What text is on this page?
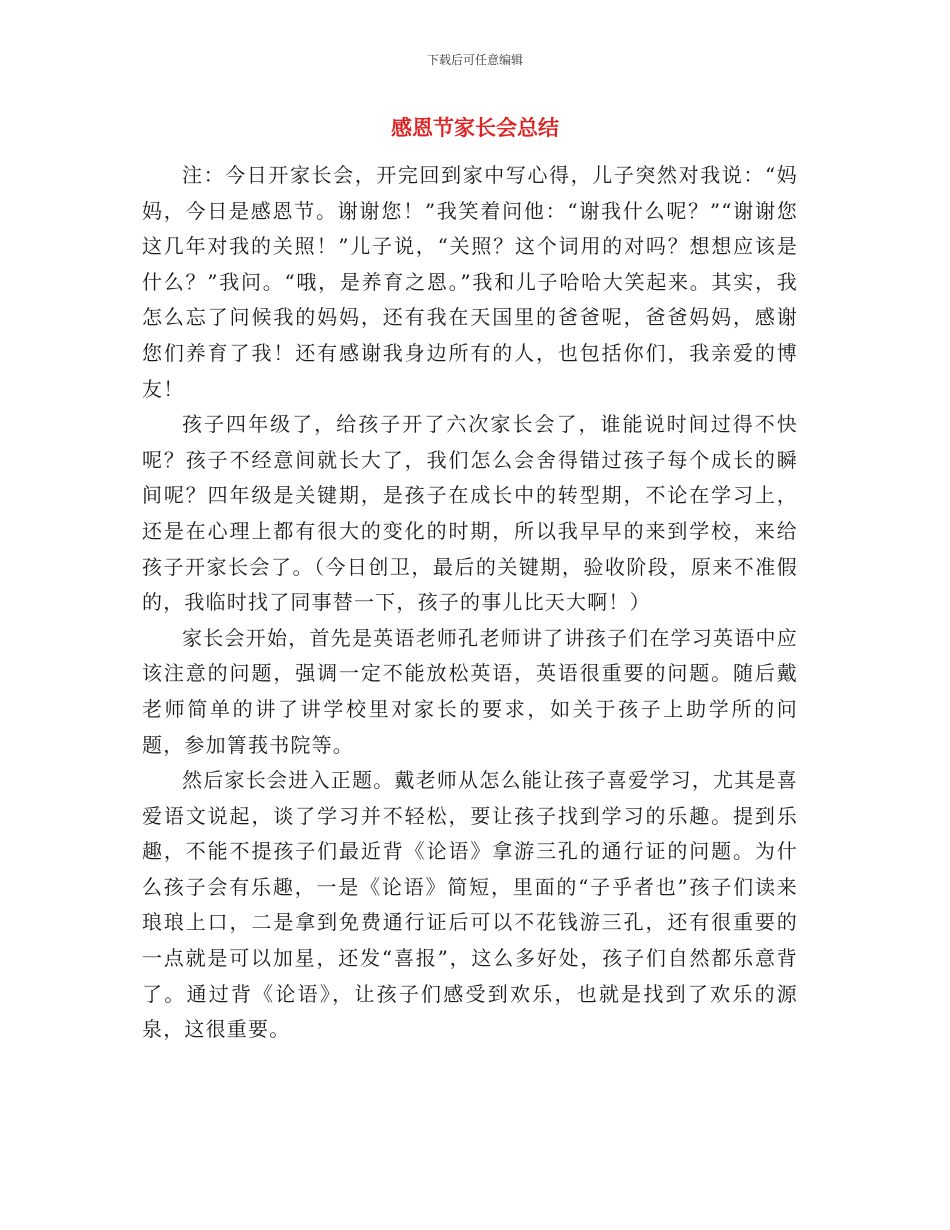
下载后可任意编辑
感恩节家长会总结

注：今日开家长会，开完回到家中写心得，儿子突然对我说：“妈妈，今日是感恩节。谢谢您！”我笑着问他：“谢我什么呢？”“谢谢您这几年对我的关照！”儿子说，“关照？这个词用的对吗？想想应该是什么？”我问。“哦，是养育之恩。”我和儿子哈哈大笑起来。其实，我怎么忘了问候我的妈妈，还有我在天国里的爸爸呢，爸爸妈妈，感谢您们养育了我！还有感谢我身边所有的人，也包括你们，我亲爱的博友！

孩子四年级了，给孩子开了六次家长会了，谁能说时间过得不快呢？孩子不经意间就长大了，我们怎么会舍得错过孩子每个成长的瞬间呢？四年级是关键期，是孩子在成长中的转型期，不论在学习上，还是在心理上都有很大的变化的时期，所以我早早的来到学校，来给孩子开家长会了。（今日创卫，最后的关键期，验收阶段，原来不准假的，我临时找了同事替一下，孩子的事儿比天大啊！）

家长会开始，首先是英语老师孔老师讲了讲孩子们在学习英语中应该注意的问题，强调一定不能放松英语，英语很重要的问题。随后戴老师简单的讲了讲学校里对家长的要求，如关于孩子上助学所的问题，参加箐莪书院等。

然后家长会进入正题。戴老师从怎么能让孩子喜爱学习，尤其是喜爱语文说起，谈了学习并不轻松，要让孩子找到学习的乐趣。提到乐趣，不能不提孩子们最近背《论语》拿游三孔的通行证的问题。为什么孩子会有乐趣，一是《论语》简短，里面的“子乎者也”孩子们读来琅琅上口，二是拿到免费通行证后可以不花钱游三孔，还有很重要的一点就是可以加星，还发“喜报”，这么多好处，孩子们自然都乐意背了。通过背《论语》，让孩子们感受到欢乐，也就是找到了欢乐的源泉，这很重要。
